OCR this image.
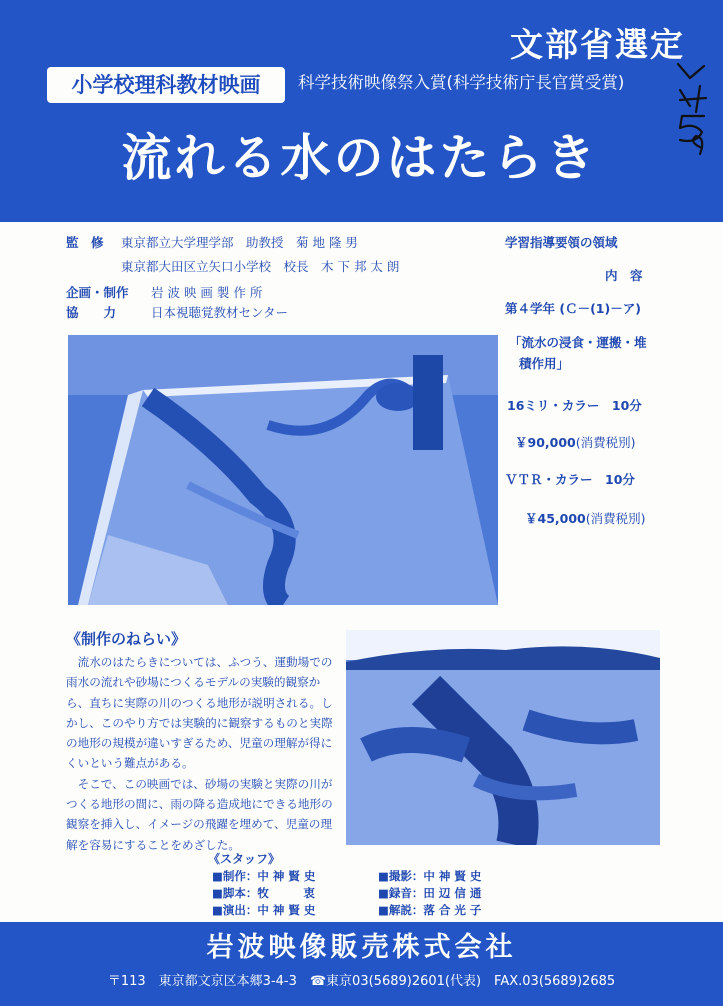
小学校理科教材映画
文部省選定
科学技術映像祭入賞(科学技術庁長官賞受賞)
流れる水のはたらき
監　修 東京都立大学理学部　助教授　菊 地 隆 男
東京都大田区立矢口小学校　校長　木 下 邦 太 朗
企画・制作 岩 波 映 画 製 作 所
協　　力	日本視聴覚教材センター
学習指導要領の領域
内　容
第４学年 (Ｃ－(1)－ア)
「流水の浸食・運搬・堆
積作用」
16ミリ・カラー　10分
￥90,000(消費税別)
ＶＴＲ・カラー　10分
￥45,000(消費税別)
《制作のねらい》

　流水のはたらきについては、ふつう、運動場での雨水の流れや砂場につくるモデルの実験的観察から、直ちに実際の川のつくる地形が説明される。しかし、このやり方では実験的に観察するものと実際の地形の規模が違いすぎるため、児童の理解が得にくいという難点がある。

　そこで、この映画では、砂場の実験と実際の川がつくる地形の間に、雨の降る造成地にできる地形の観察を挿入し、イメージの飛躍を埋めて、児童の理解を容易にすることをめざした。

《スタッフ》
■制作：中 神 賢 史
■脚本：牧　　　衷
■演出：中 神 賢 史
■撮影：中 神 賢 史
■録音：田 辺 信 通
■解説：落 合 光 子
岩波映像販売株式会社
〒113　東京都文京区本郷3-4-3　☎東京03(5689)2601(代表)　FAX.03(5689)2685
